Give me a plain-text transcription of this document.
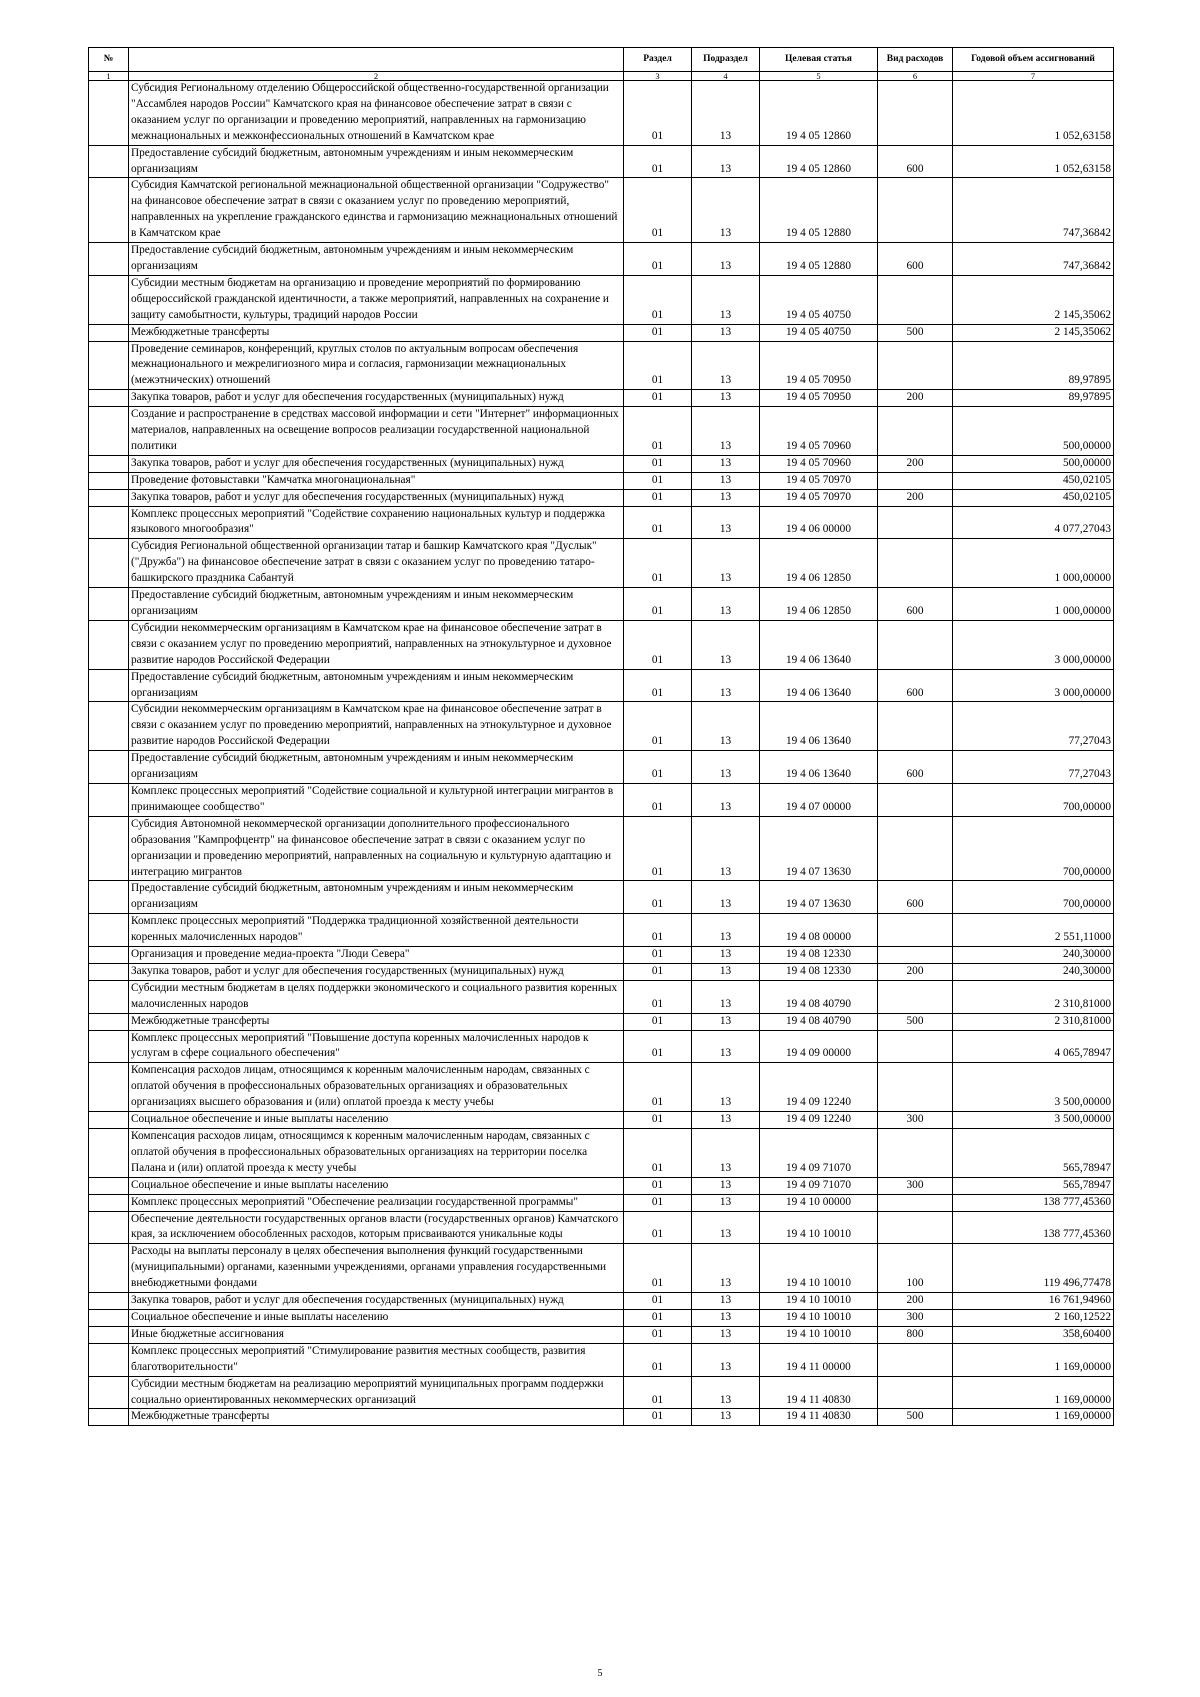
№		Раздел	Подраздел	Целевая статья	Вид расходов	Годовой объем ассигнований
1	2	3	4	5	6	7
	Субсидия Региональному отделению Общероссийской общественно-государственной организации "Ассамблея народов России" Камчатского края на финансовое обеспечение затрат в связи с оказанием услуг по организации и проведению мероприятий, направленных на гармонизацию межнациональных и межконфессиональных отношений в Камчатском крае	01	13	19 4 05 12860		1 052,63158
	Предоставление субсидий бюджетным, автономным учреждениям и иным некоммерческим организациям	01	13	19 4 05 12860	600	1 052,63158
	Субсидия Камчатской региональной межнациональной общественной организации "Содружество" на финансовое обеспечение затрат в связи с оказанием услуг по проведению мероприятий, направленных на укрепление гражданского единства и гармонизацию межнациональных отношений в Камчатском крае	01	13	19 4 05 12880		747,36842
	Предоставление субсидий бюджетным, автономным учреждениям и иным некоммерческим организациям	01	13	19 4 05 12880	600	747,36842
	Субсидии местным бюджетам на организацию и проведение мероприятий по формированию общероссийской гражданской идентичности, а также мероприятий, направленных на сохранение и защиту самобытности, культуры, традиций народов России	01	13	19 4 05 40750		2 145,35062
	Межбюджетные трансферты	01	13	19 4 05 40750	500	2 145,35062
	Проведение семинаров, конференций, круглых столов по актуальным вопросам обеспечения межнационального и межрелигиозного мира и согласия, гармонизации межнациональных (межэтнических) отношений	01	13	19 4 05 70950		89,97895
	Закупка товаров, работ и услуг для обеспечения государственных (муниципальных) нужд	01	13	19 4 05 70950	200	89,97895
	Создание и распространение в средствах массовой информации и сети "Интернет" информационных материалов, направленных на освещение вопросов реализации государственной национальной политики	01	13	19 4 05 70960		500,00000
	Закупка товаров, работ и услуг для обеспечения государственных (муниципальных) нужд	01	13	19 4 05 70960	200	500,00000
	Проведение фотовыставки "Камчатка многонациональная"	01	13	19 4 05 70970		450,02105
	Закупка товаров, работ и услуг для обеспечения государственных (муниципальных) нужд	01	13	19 4 05 70970	200	450,02105
	Комплекс процессных мероприятий "Содействие сохранению национальных культур и поддержка языкового многообразия"	01	13	19 4 06 00000		4 077,27043
	Субсидия Региональной общественной организации татар и башкир Камчатского края "Дуслык" ("Дружба") на финансовое обеспечение затрат в связи с оказанием услуг по проведению татаро-башкирского праздника Сабантуй	01	13	19 4 06 12850		1 000,00000
	Предоставление субсидий бюджетным, автономным учреждениям и иным некоммерческим организациям	01	13	19 4 06 12850	600	1 000,00000
	Субсидии некоммерческим организациям в Камчатском крае на финансовое обеспечение затрат в связи с оказанием услуг по проведению мероприятий, направленных на этнокультурное и духовное развитие народов Российской Федерации	01	13	19 4 06 13640		3 000,00000
	Предоставление субсидий бюджетным, автономным учреждениям и иным некоммерческим организациям	01	13	19 4 06 13640	600	3 000,00000
	Субсидии некоммерческим организациям в Камчатском крае на финансовое обеспечение затрат в связи с оказанием услуг по проведению мероприятий, направленных на этнокультурное и духовное развитие народов Российской Федерации	01	13	19 4 06 13640		77,27043
	Предоставление субсидий бюджетным, автономным учреждениям и иным некоммерческим организациям	01	13	19 4 06 13640	600	77,27043
	Комплекс процессных мероприятий "Содействие социальной и культурной интеграции мигрантов в принимающее сообщество"	01	13	19 4 07 00000		700,00000
	Субсидия Автономной некоммерческой организации дополнительного профессионального образования "Кампрофцентр" на финансовое обеспечение затрат в связи с оказанием услуг по организации и проведению мероприятий, направленных на социальную и культурную адаптацию и интеграцию мигрантов	01	13	19 4 07 13630		700,00000
	Предоставление субсидий бюджетным, автономным учреждениям и иным некоммерческим организациям	01	13	19 4 07 13630	600	700,00000
	Комплекс процессных мероприятий "Поддержка традиционной хозяйственной деятельности коренных малочисленных народов"	01	13	19 4 08 00000		2 551,11000
	Организация и проведение медиа-проекта "Люди Севера"	01	13	19 4 08 12330		240,30000
	Закупка товаров, работ и услуг для обеспечения государственных (муниципальных) нужд	01	13	19 4 08 12330	200	240,30000
	Субсидии местным бюджетам в целях поддержки экономического и социального развития коренных малочисленных народов	01	13	19 4 08 40790		2 310,81000
	Межбюджетные трансферты	01	13	19 4 08 40790	500	2 310,81000
	Комплекс процессных мероприятий "Повышение доступа коренных малочисленных народов к услугам в сфере социального обеспечения"	01	13	19 4 09 00000		4 065,78947
	Компенсация расходов лицам, относящимся к коренным малочисленным народам, связанных с оплатой обучения в профессиональных образовательных организациях и образовательных организациях высшего образования и (или) оплатой проезда к месту учебы	01	13	19 4 09 12240		3 500,00000
	Социальное обеспечение и иные выплаты населению	01	13	19 4 09 12240	300	3 500,00000
	Компенсация расходов лицам, относящимся к коренным малочисленным народам, связанных с оплатой обучения в профессиональных образовательных организациях на территории поселка Палана и (или) оплатой проезда к месту учебы	01	13	19 4 09 71070		565,78947
	Социальное обеспечение и иные выплаты населению	01	13	19 4 09 71070	300	565,78947
	Комплекс процессных мероприятий "Обеспечение реализации государственной программы"	01	13	19 4 10 00000		138 777,45360
	Обеспечение деятельности государственных органов власти (государственных органов) Камчатского края, за исключением обособленных расходов, которым присваиваются уникальные коды	01	13	19 4 10 10010		138 777,45360
	Расходы на выплаты персоналу в целях обеспечения выполнения функций государственными (муниципальными) органами, казенными учреждениями, органами управления государственными внебюджетными фондами	01	13	19 4 10 10010	100	119 496,77478
	Закупка товаров, работ и услуг для обеспечения государственных (муниципальных) нужд	01	13	19 4 10 10010	200	16 761,94960
	Социальное обеспечение и иные выплаты населению	01	13	19 4 10 10010	300	2 160,12522
	Иные бюджетные ассигнования	01	13	19 4 10 10010	800	358,60400
	Комплекс процессных мероприятий "Стимулирование развития местных сообществ, развития благотворительности"	01	13	19 4 11 00000		1 169,00000
	Субсидии местным бюджетам на реализацию мероприятий муниципальных программ поддержки социально ориентированных некоммерческих организаций	01	13	19 4 11 40830		1 169,00000
	Межбюджетные трансферты	01	13	19 4 11 40830	500	1 169,00000
5
